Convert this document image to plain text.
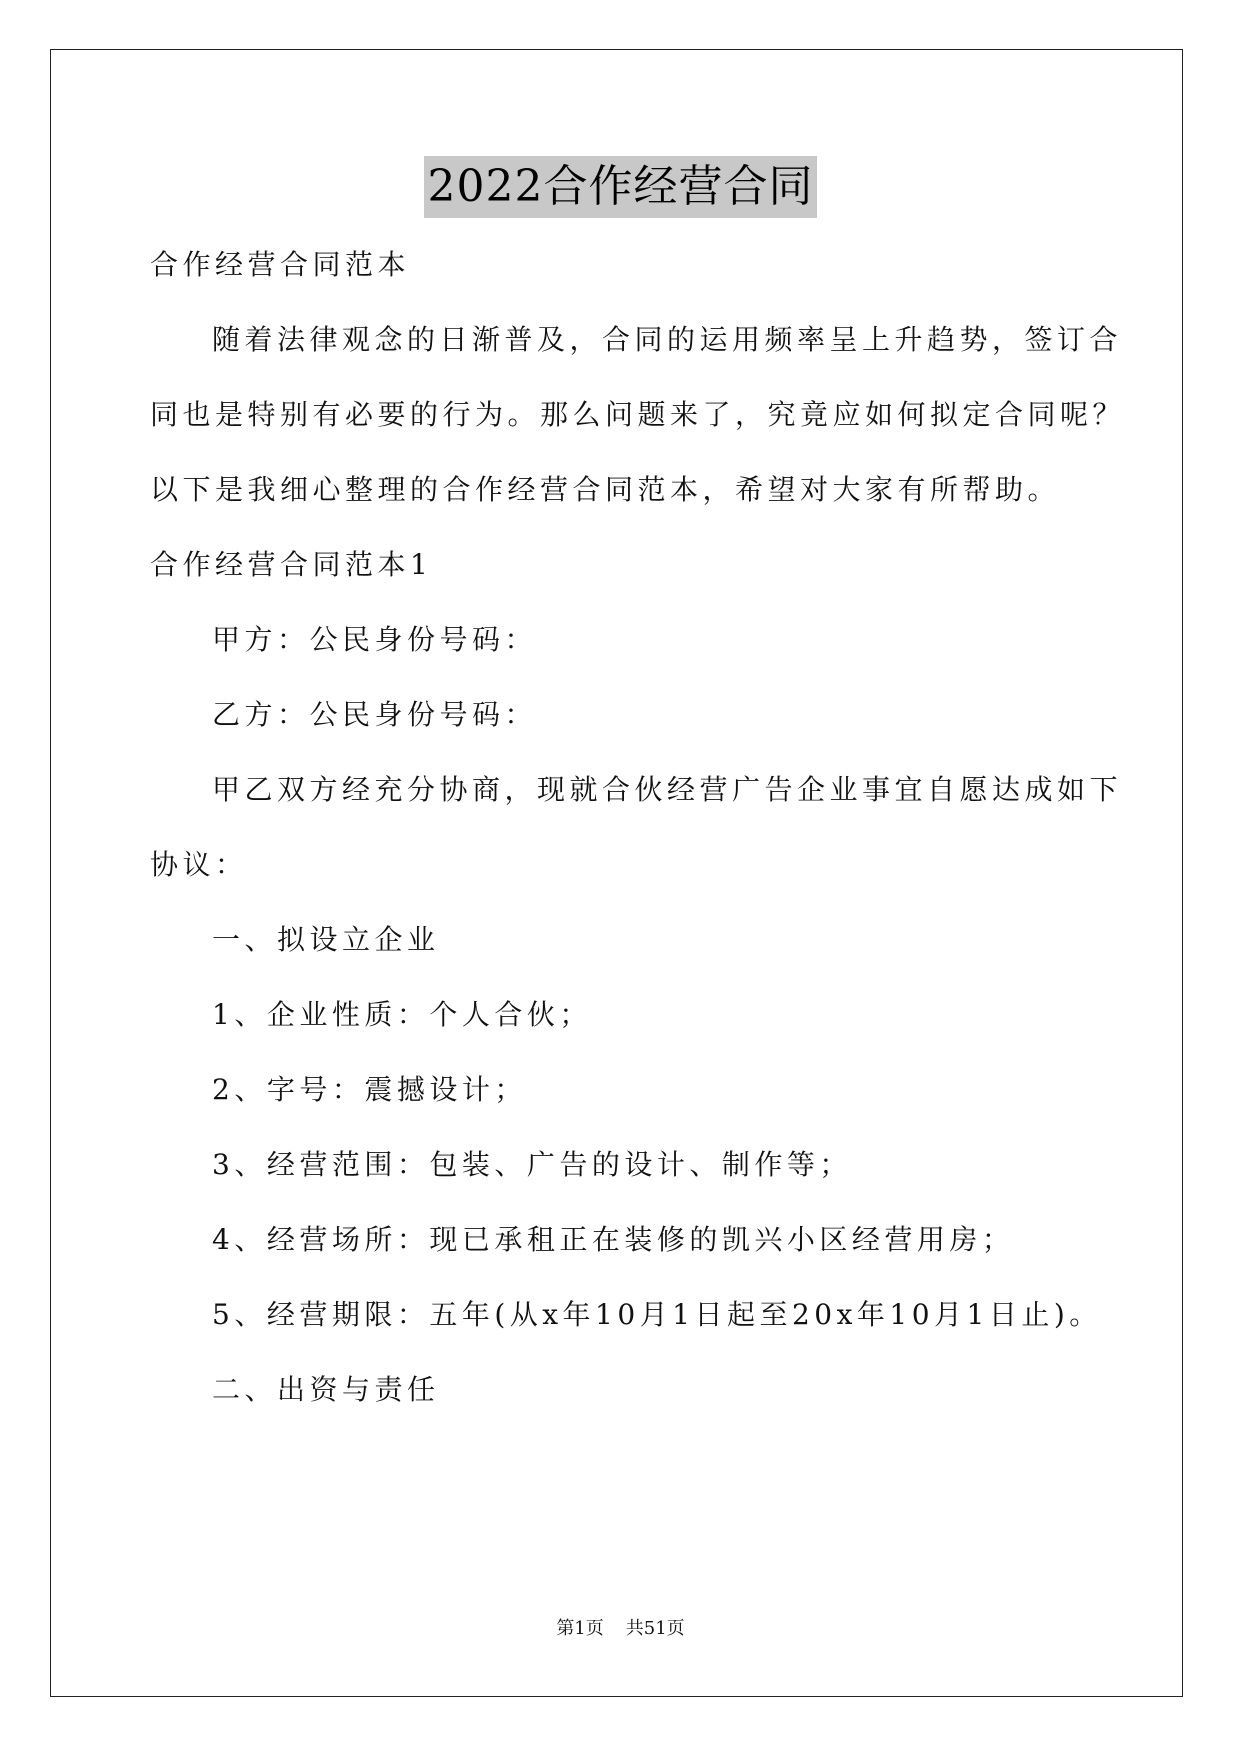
2022合作经营合同
合作经营合同范本
随着法律观念的日渐普及，合同的运用频率呈上升趋势，签订合
同也是特别有必要的行为。那么问题来了，究竟应如何拟定合同呢？
以下是我细心整理的合作经营合同范本，希望对大家有所帮助。
合作经营合同范本1
甲方：公民身份号码：
乙方：公民身份号码：
甲乙双方经充分协商，现就合伙经营广告企业事宜自愿达成如下
协议：
一、拟设立企业
1、企业性质：个人合伙；
2、字号：震撼设计；
3、经营范围：包装、广告的设计、制作等；
4、经营场所：现已承租正在装修的凯兴小区经营用房；
5、经营期限：五年(从x年10月1日起至20x年10月1日止)。
二、出资与责任
第1页 共51页
